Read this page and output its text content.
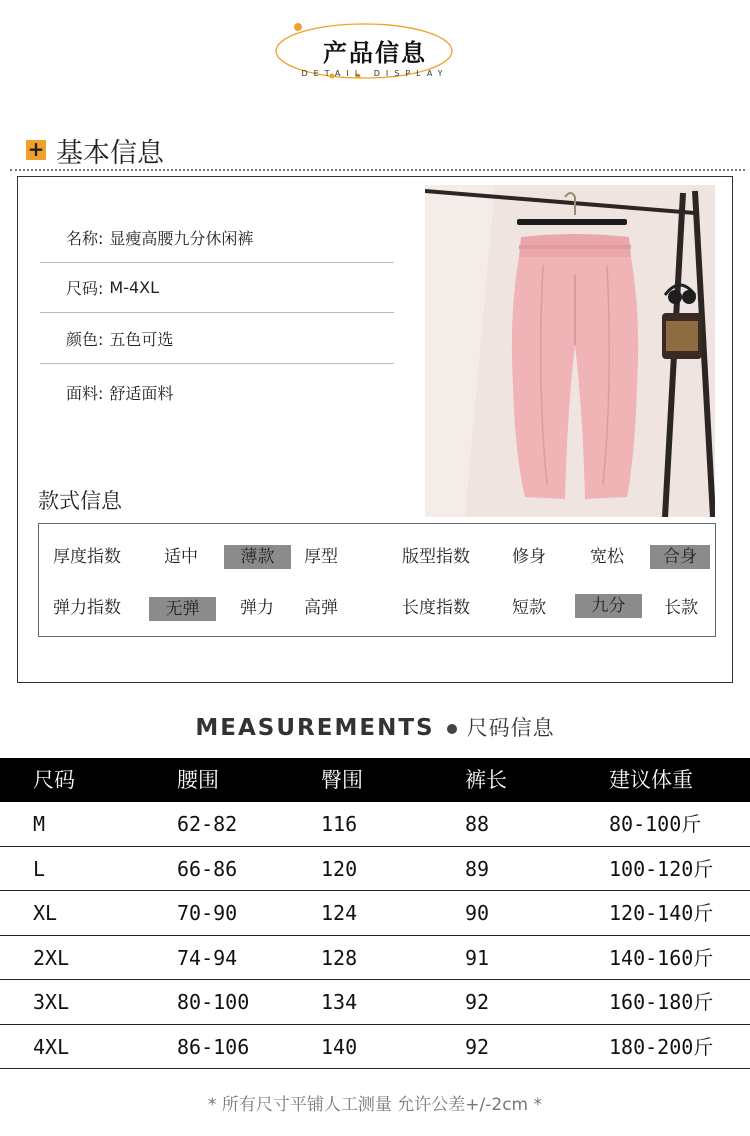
产品信息
DETAIL DISPLAY
+ 基本信息
名称: 显瘦高腰九分休闲裤
尺码: M-4XL
颜色: 五色可选
面料: 舒适面料
款式信息
厚度指数	适中	薄款	厚型	版型指数	修身	宽松	合身
弹力指数	无弹	弹力	高弹	长度指数	短款	九分	长款
MEASUREMENTS 尺码信息
尺码	腰围	臀围	裤长	建议体重
M	62-82	116	88	80-100斤
L	66-86	120	89	100-120斤
XL	70-90	124	90	120-140斤
2XL	74-94	128	91	140-160斤
3XL	80-100	134	92	160-180斤
4XL	86-106	140	92	180-200斤
* 所有尺寸平铺人工测量 允许公差+/-2cm *
